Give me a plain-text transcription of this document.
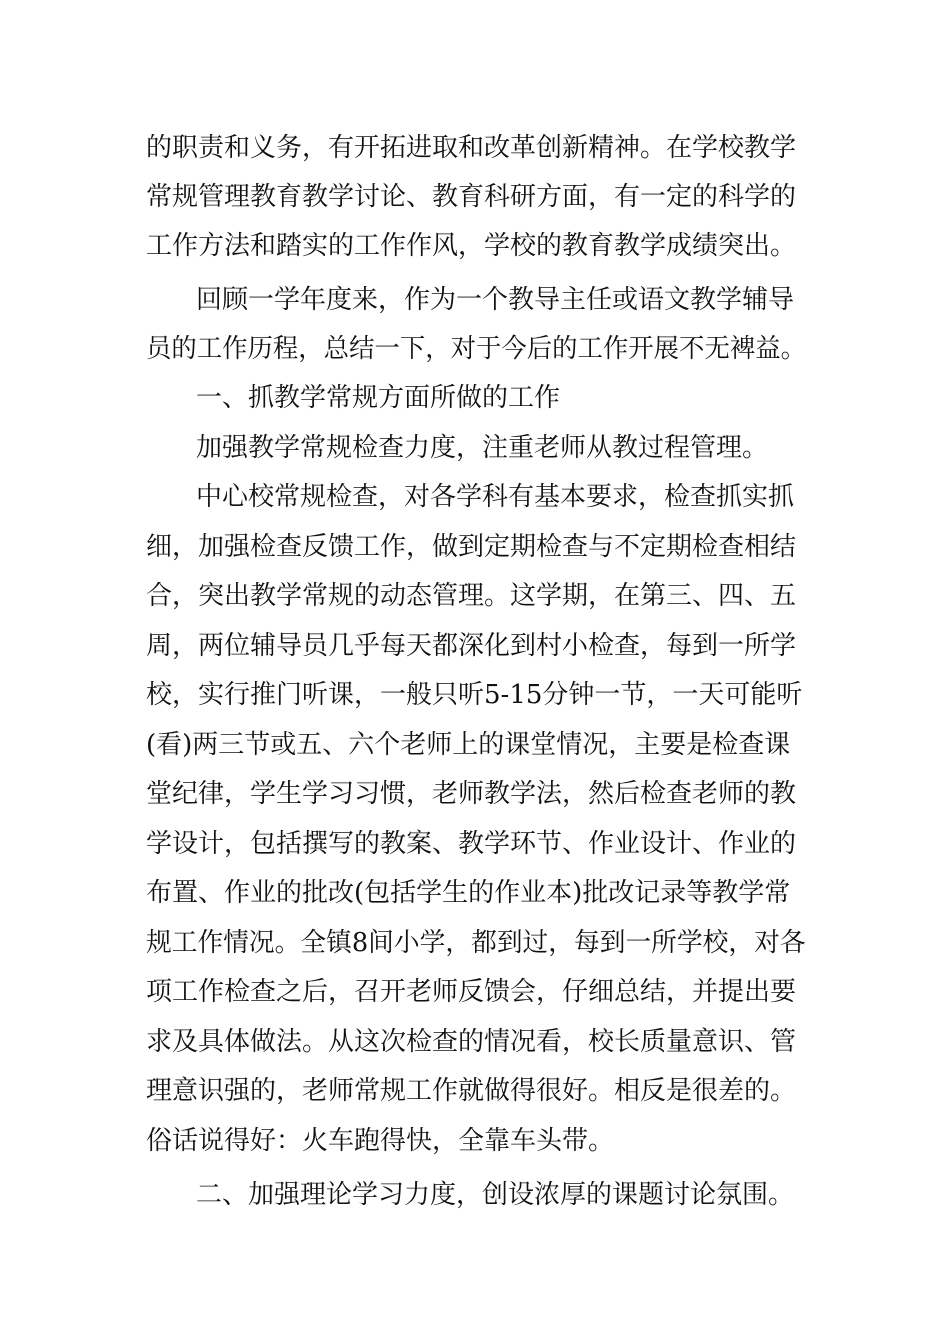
的职责和义务，有开拓进取和改革创新精神。在学校教学
常规管理教育教学讨论、教育科研方面，有一定的科学的
工作方法和踏实的工作作风，学校的教育教学成绩突出。
回顾一学年度来，作为一个教导主任或语文教学辅导
员的工作历程，总结一下，对于今后的工作开展不无裨益。
一、抓教学常规方面所做的工作
加强教学常规检查力度，注重老师从教过程管理。
中心校常规检查，对各学科有基本要求，检查抓实抓
细，加强检查反馈工作，做到定期检查与不定期检查相结
合，突出教学常规的动态管理。这学期，在第三、四、五
周，两位辅导员几乎每天都深化到村小检查，每到一所学
校，实行推门听课，一般只听5-15分钟一节，一天可能听
(看)两三节或五、六个老师上的课堂情况，主要是检查课
堂纪律，学生学习习惯，老师教学法，然后检查老师的教
学设计，包括撰写的教案、教学环节、作业设计、作业的
布置、作业的批改(包括学生的作业本)批改记录等教学常
规工作情况。全镇8间小学，都到过，每到一所学校，对各
项工作检查之后，召开老师反馈会，仔细总结，并提出要
求及具体做法。从这次检查的情况看，校长质量意识、管
理意识强的，老师常规工作就做得很好。相反是很差的。
俗话说得好：火车跑得快，全靠车头带。
二、加强理论学习力度，创设浓厚的课题讨论氛围。
